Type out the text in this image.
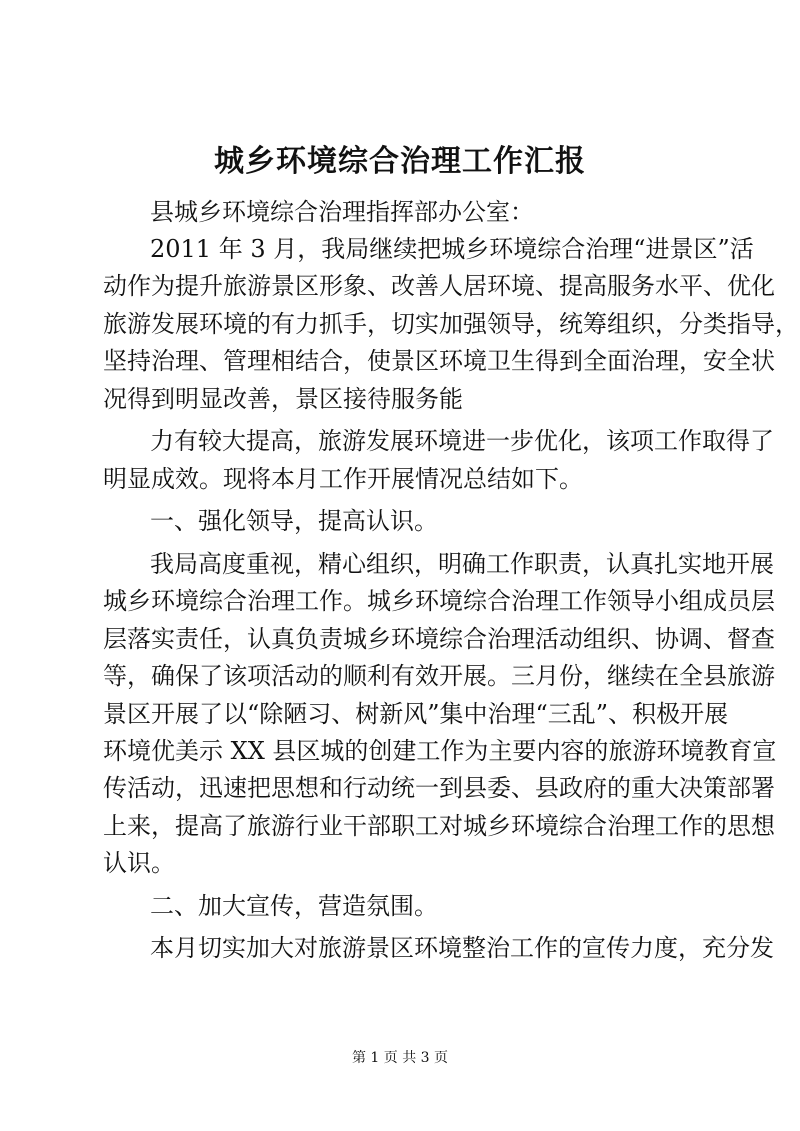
城乡环境综合治理工作汇报
县城乡环境综合治理指挥部办公室：
2011 年 3 月，我局继续把城乡环境综合治理“进景区”活
动作为提升旅游景区形象、改善人居环境、提高服务水平、优化
旅游发展环境的有力抓手，切实加强领导，统筹组织，分类指导，
坚持治理、管理相结合，使景区环境卫生得到全面治理，安全状
况得到明显改善，景区接待服务能
力有较大提高，旅游发展环境进一步优化，该项工作取得了
明显成效。现将本月工作开展情况总结如下。
一、强化领导，提高认识。
我局高度重视，精心组织，明确工作职责，认真扎实地开展
城乡环境综合治理工作。城乡环境综合治理工作领导小组成员层
层落实责任，认真负责城乡环境综合治理活动组织、协调、督查
等，确保了该项活动的顺利有效开展。三月份，继续在全县旅游
景区开展了以“除陋习、树新风”集中治理“三乱”、积极开展
环境优美示 XX 县区城的创建工作为主要内容的旅游环境教育宣
传活动，迅速把思想和行动统一到县委、县政府的重大决策部署
上来，提高了旅游行业干部职工对城乡环境综合治理工作的思想
认识。
二、加大宣传，营造氛围。
本月切实加大对旅游景区环境整治工作的宣传力度，充分发
第 1 页 共 3 页
